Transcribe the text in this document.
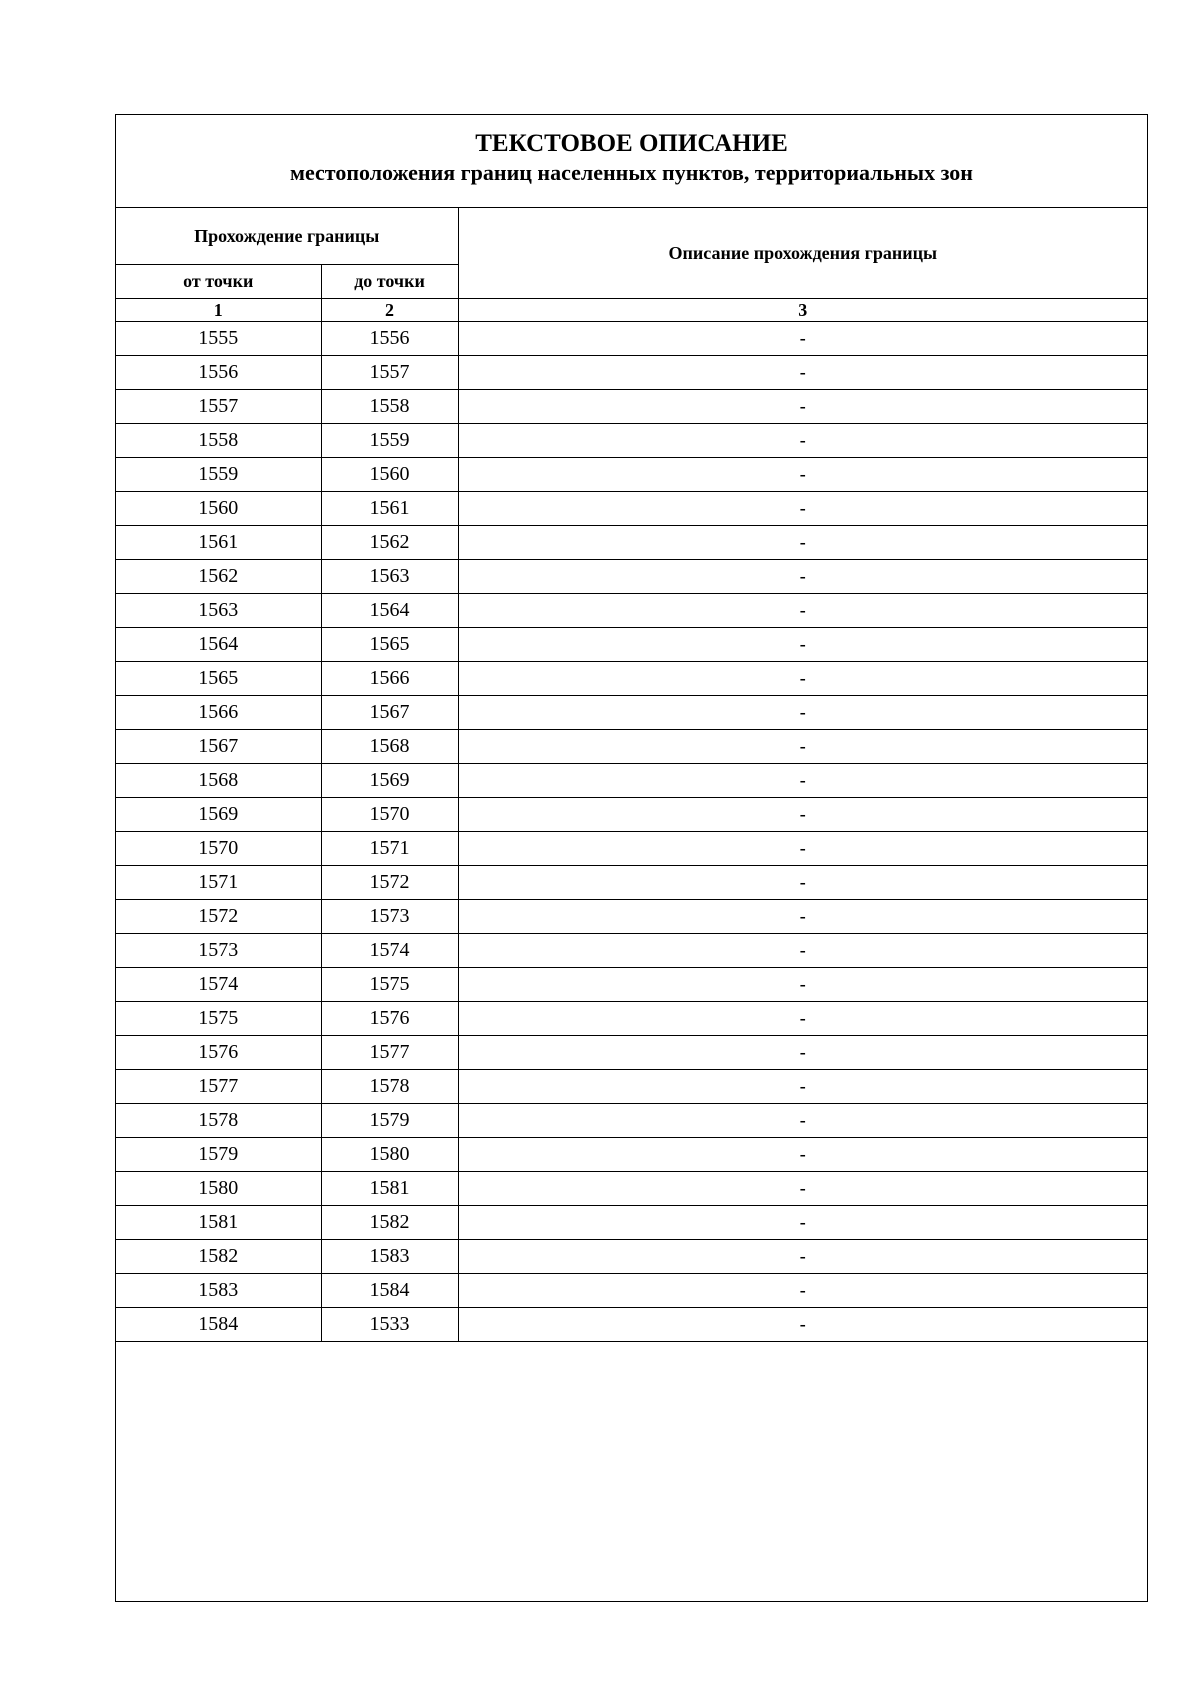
ТЕКСТОВОЕ ОПИСАНИЕ
местоположения границ населенных пунктов, территориальных зон
Прохождение границы		Описание прохождения границы
от точки	до точки	
1	2	3
1555	1556	-
1556	1557	-
1557	1558	-
1558	1559	-
1559	1560	-
1560	1561	-
1561	1562	-
1562	1563	-
1563	1564	-
1564	1565	-
1565	1566	-
1566	1567	-
1567	1568	-
1568	1569	-
1569	1570	-
1570	1571	-
1571	1572	-
1572	1573	-
1573	1574	-
1574	1575	-
1575	1576	-
1576	1577	-
1577	1578	-
1578	1579	-
1579	1580	-
1580	1581	-
1581	1582	-
1582	1583	-
1583	1584	-
1584	1533	-
